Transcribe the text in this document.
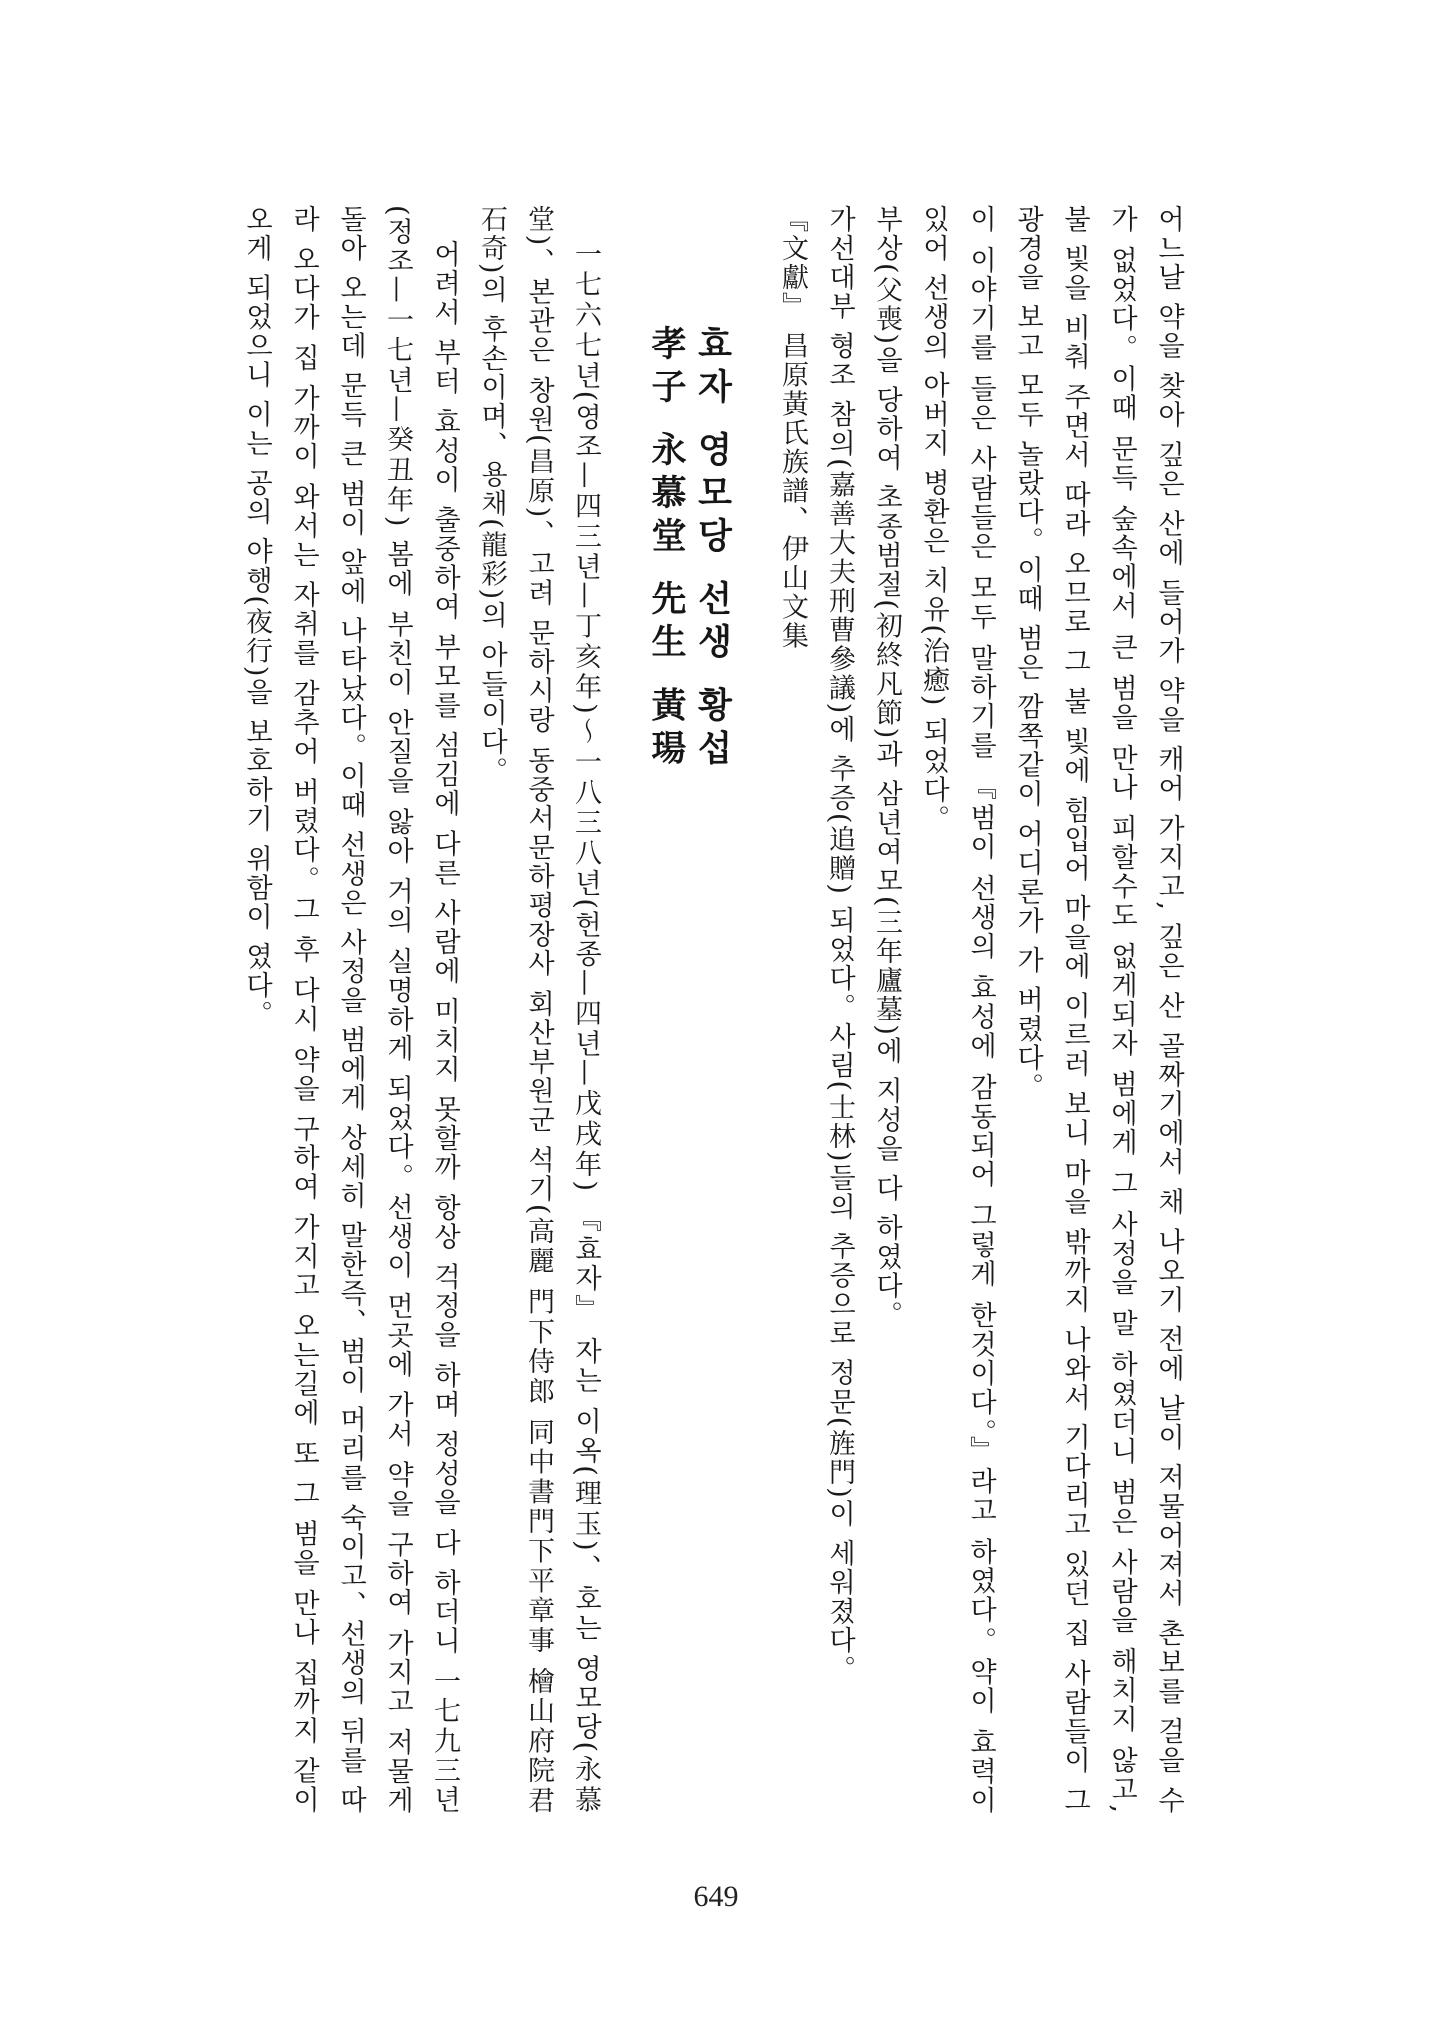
어느날 약을 찾아 깊은 산에 들어가 약을 캐어 가지고, 깊은 산 골짜기에서 채 나오기 전에 날이 저물어져서 촌보를 걸을 수가 없었다。이때 문득 숲속에서 큰 범을 만나 피할수도 없게되자 범에게 그 사정을 말 하였더니 범은 사람을 해치지 않고, 불 빛을 비춰 주면서 따라 오므로 그 불 빛에 힘입어 마을에 이르러 보니 마을 밖까지 나와서 기다리고 있던 집 사람들이 그 광경을 보고 모두 놀랐다。이때 범은 깜쪽같이 어디론가 가 버렸다。

이 이야기를 들은 사람들은 모두 말하기를 『범이 선생의 효성에 감동되어 그렇게 한것이다。』라고 하였다。약이 효력이 있어 선생의 아버지 병환은 치유(治癒) 되었다。

부상(父喪)을 당하여 초종범절(初終凡節)과 삼년여모(三年廬墓)에 지성을 다 하였다。

가선대부 형조 참의(嘉善大夫刑曹參議)에 추증(追贈) 되었다。사림(士林)들의 추증으로 정문(旌門)이 세워졌다。

『文獻』 昌原黃氏族譜、伊山文集

효자 영모당 선생 황섭
孝子 永慕堂 先生 黃瑒

一七六七년(영조—四三년—丁亥年)～一八三八년(헌종—四년—戊戌年) 『효자』 자는 이옥(理玉)、호는 영모당(永慕堂)、본관은 창원(昌原)、고려 문하시랑 동중서문하평장사 회산부원군 석기(高麗 門下侍郎 同中書門下平章事 檜山府院君 石奇)의 후손이며、용채(龍彩)의 아들이다。

어려서 부터 효성이 출중하여 부모를 섬김에 다른 사람에 미치지 못할까 항상 걱정을 하며 정성을 다 하더니 一七九三년(정조—一七년—癸丑年) 봄에 부친이 안질을 앓아 거의 실명하게 되었다。선생이 먼곳에 가서 약을 구하여 가지고 저물게 돌아 오는데 문득 큰 범이 앞에 나타났다。이때 선생은 사정을 범에게 상세히 말한즉、범이 머리를 숙이고、선생의 뒤를 따라 오다가 집 가까이 와서는 자취를 감추어 버렸다。그 후 다시 약을 구하여 가지고 오는길에 또 그 범을 만나 집까지 같이오게 되었으니 이는 공의 야행(夜行)을 보호하기 위함이 였다。

649
